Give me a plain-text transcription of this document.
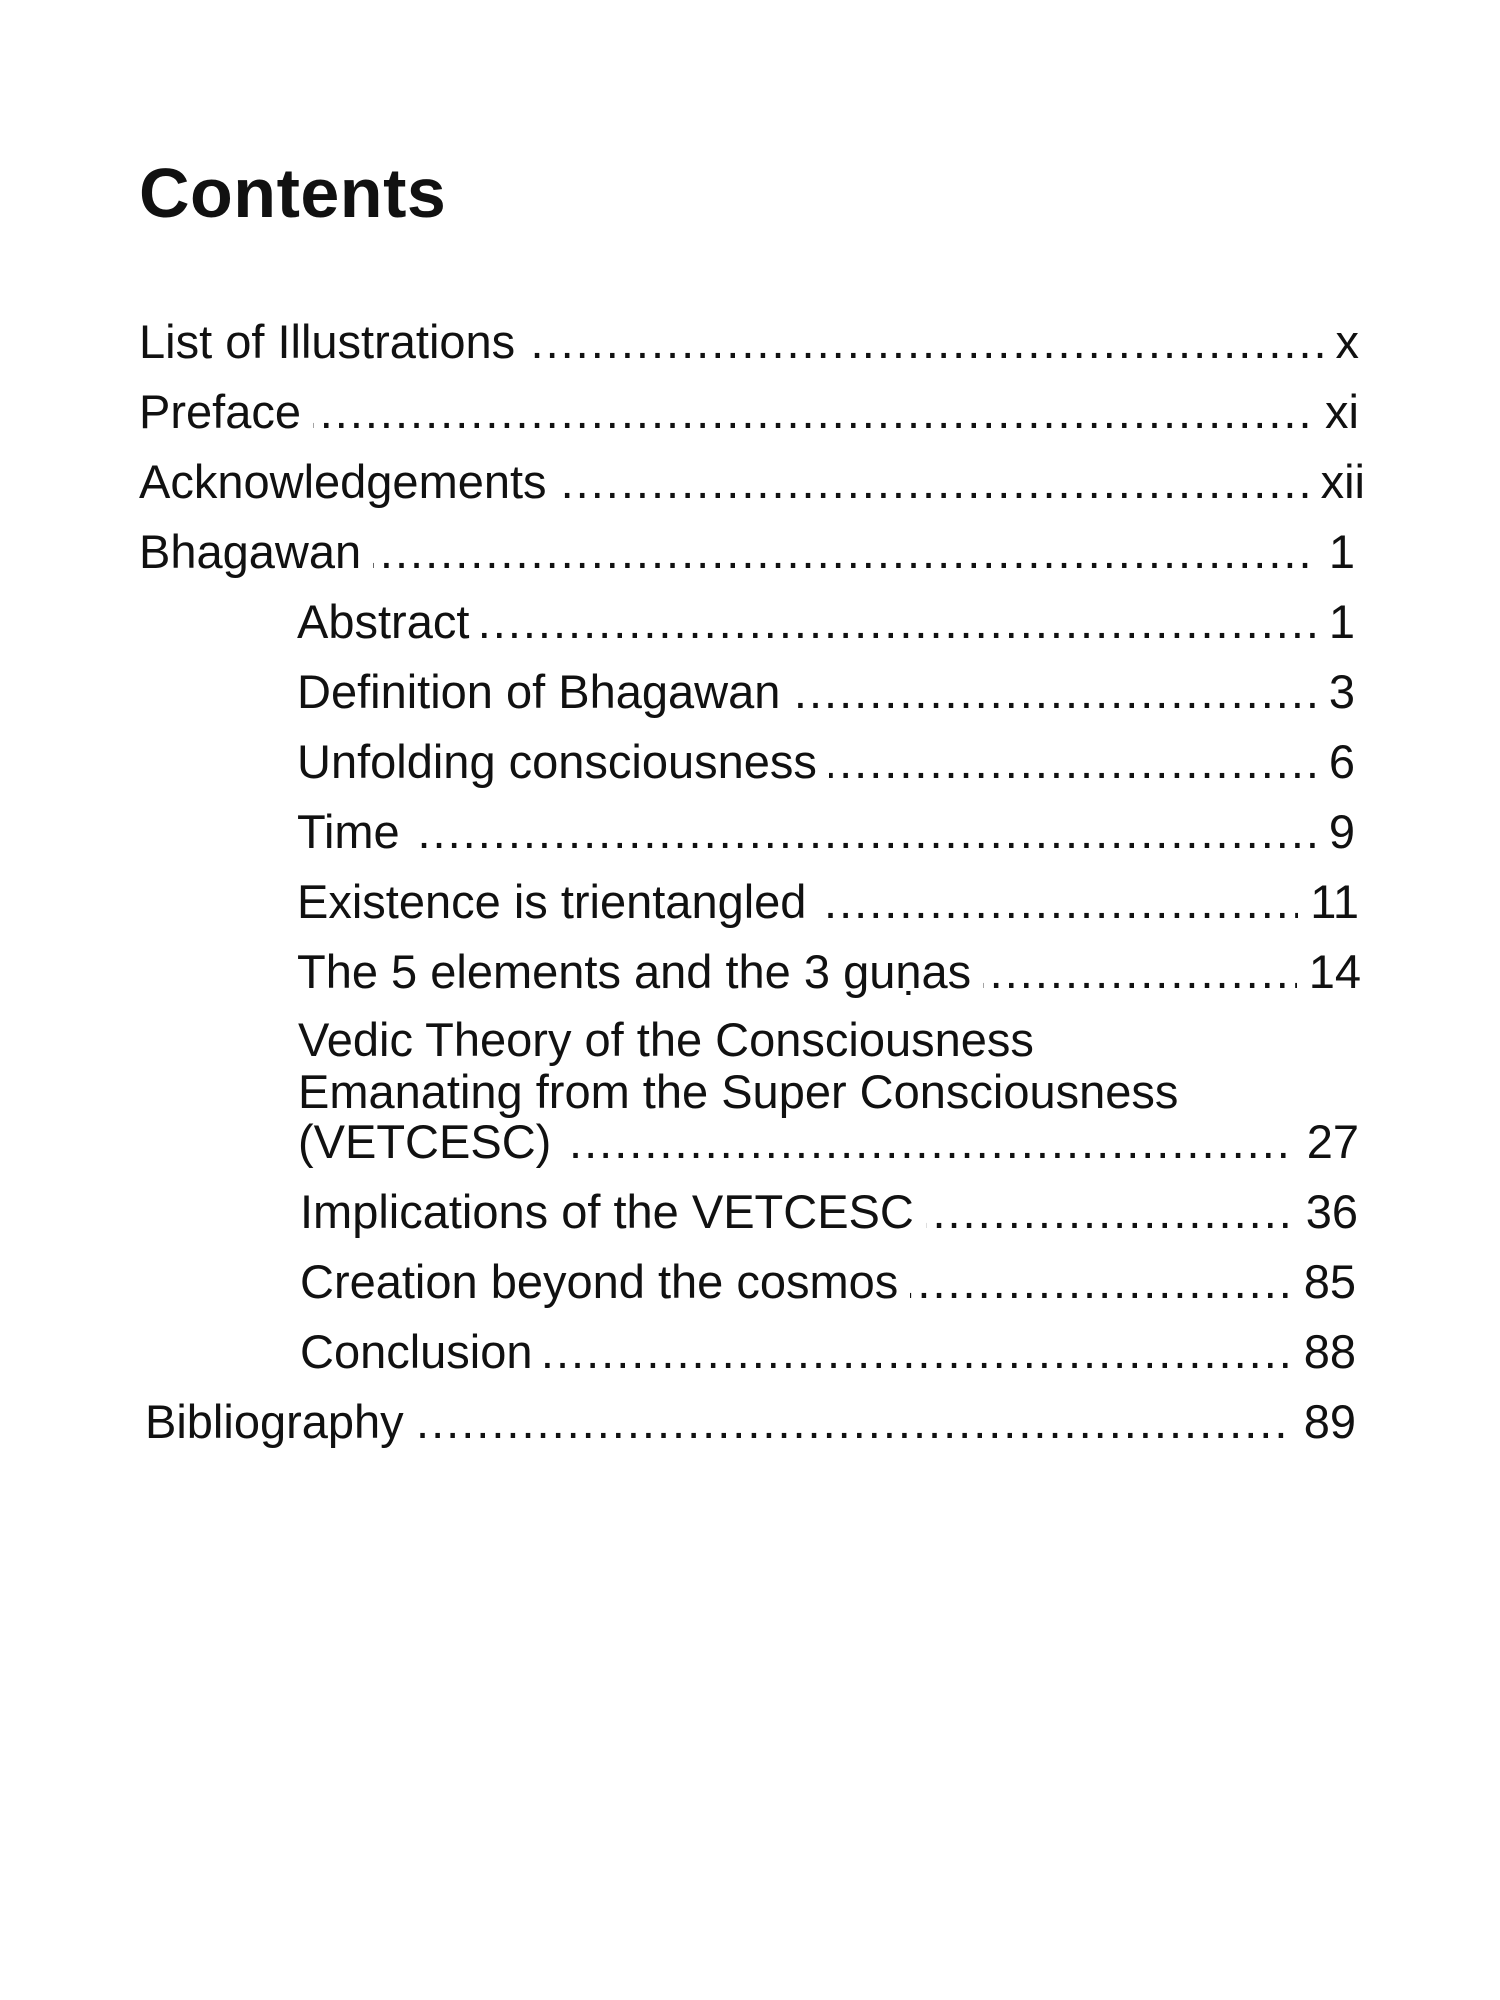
Contents
List of Illustrations .....	x
Preface .....	xi
Acknowledgements .....	xii
Bhagawan .....	1
Abstract .....	1
Definition of Bhagawan .....	3
Unfolding consciousness .....	6
Time .....	9
Existence is trientangled .....	11
The 5 elements and the 3 guṇas .....	14
Vedic Theory of the Consciousness
Emanating from the Super Consciousness
(VETCESC) .....	27
Implications of the VETCESC .....	36
Creation beyond the cosmos .....	85
Conclusion .....	88
Bibliography .....	89
